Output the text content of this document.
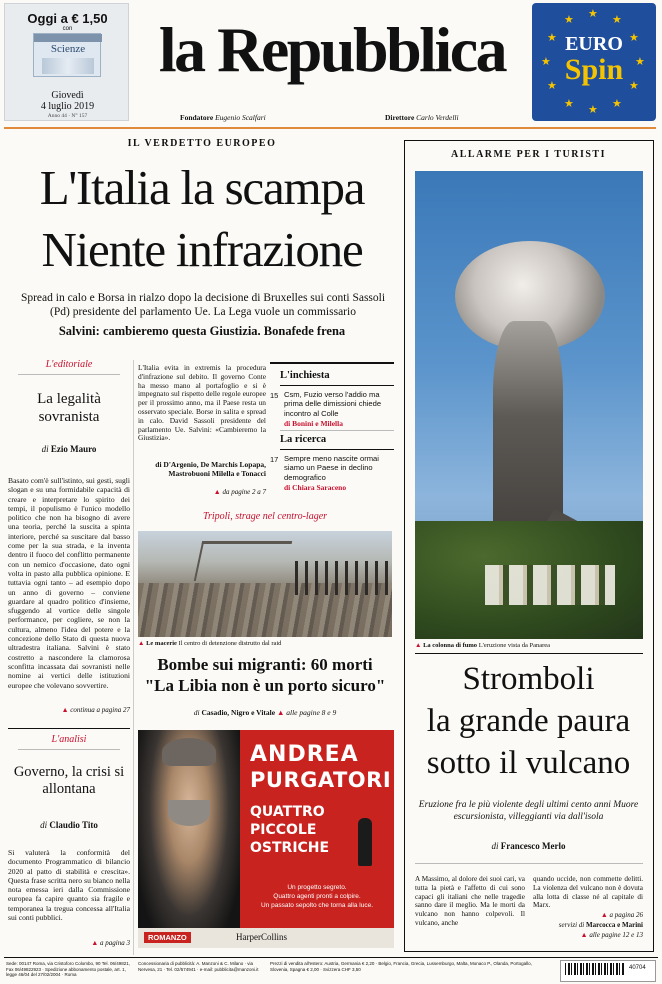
Oggi a € 1,50
con
Scienze
Giovedì
4 luglio 2019
Anno 44 · N° 157
la Repubblica
Fondatore Eugenio Scalfari	Direttore Carlo Verdelli
★ ★
★
★
★
★
★
★
★
★
★
★
EURO
Spin
IL VERDETTO EUROPEO
L'Italia la scampa
Niente infrazione
Spread in calo e Borsa in rialzo dopo la decisione di Bruxelles sui conti Sassoli (Pd) presidente del parlamento Ue. La Lega vuole un commissario
Salvini: cambieremo questa Giustizia. Bonafede frena
L'editoriale
La legalità sovranista
di Ezio Mauro
Basato com'è sull'istinto, sui gesti, sugli slogan e su una formidabile capacità di creare e interpretare lo spirito dei tempi, il populismo è l'unico modello politico che non ha bisogno di avere una teoria, perché la suscita a spinta interiore, perché sa suscitare dal basso come per la sua strada, e la inventa dentro il fuoco del conflitto permanente con un nemico d'occasione, dato ogni volta in pasto alla pubblica opinione. E tuttavia ogni tanto – ad esempio dopo un anno di governo – conviene guardare al quadro politico d'insieme, sfuggendo al vortice delle singole performance, per cogliere, se non la cultura, almeno l'idea del potere e la concezione dello Stato di questa nuova ultradestra italiana. Salvini è stato costretto a nascondere la clamorosa sconfitta incassata dai sovranisti nelle nomine ai vertici delle istituzioni europee che volevano sovvertire.
▲ continua a pagina 27
L'Italia evita in extremis la procedura d'infrazione sul debito. Il governo Conte ha messo mano al portafoglio e si è impegnato sul rispetto delle regole europee per il prossimo anno, ma il Paese resta un osservato speciale. Borse in salita e spread in calo. David Sassoli presidente del parlamento Ue. Salvini: «Cambieremo la Giustizia».
di D'Argenio, De Marchis Lopapa, Mastrobuoni Milella e Tonacci
▲ da pagine 2 a 7
L'inchiesta
15 Csm, Fuzio verso l'addio ma prima delle dimissioni chiede incontro al Colle
di Bonini e Milella
La ricerca
17 Sempre meno nascite ormai siamo un Paese in declino demografico
di Chiara Saraceno
Tripoli, strage nel centro-lager
▲ Le macerie Il centro di detenzione distrutto dal raid
Bombe sui migranti: 60 morti
"La Libia non è un porto sicuro"
di Casadio, Nigro e Vitale ▲ alle pagine 8 e 9
L'analisi
Governo, la crisi si allontana
di Claudio Tito
Si valuterà la conformità del documento Programmatico di bilancio 2020 al patto di stabilità e crescita». Questa frase scritta nero su bianco nella nota emessa ieri dalla Commissione europea fa capire quanto sia fragile e temporanea la tregua concessa all'Italia sui conti pubblici.
▲ a pagina 3
ANDREA
PURGATORI
QUATTRO
PICCOLE
OSTRICHE
Un progetto segreto.
Quattro agenti pronti a colpire.
Un passato sepolto che torna alla luce.
ROMANZO	HarperCollins
ALLARME PER I TURISTI
▲ La colonna di fumo L'eruzione vista da Panarea
Stromboli
la grande paura
sotto il vulcano
Eruzione fra le più violente degli ultimi cento anni Muore escursionista, villeggianti via dall'isola
di Francesco Merlo
A Massimo, al dolore dei suoi cari, va tutta la pietà e l'affetto di cui sono capaci gli italiani che nelle tragedie sanno dare il meglio. Ma le morti da vulcano non hanno colpevoli. Il vulcano, anche
quando uccide, non commette delitti. La violenza del vulcano non è dovuta alla lotta di classe né al capitale di Marx.
▲ a pagina 26
servizi di Marcocca e Marini
▲ alle pagine 12 e 13
Sede: 00147 Roma, via Cristoforo Colombo, 90 Tel. 06/49821, Fax 06/49822923 · Spedizione abbonamento postale, art. 1, legge 46/04 del 27/02/2004 · Roma
Concessionaria di pubblicità: A. Manzoni & C. Milano · via Nervesa, 21 · Tel. 02/574941 · e-mail: pubblicita@manzoni.it
Prezzi di vendita all'estero: Austria, Germania € 2,20 · Belgio, Francia, Grecia, Lussemburgo, Malta, Monaco P., Olanda, Portogallo, Slovenia, Spagna € 2,00 · Svizzera CHF 3,50	40704
